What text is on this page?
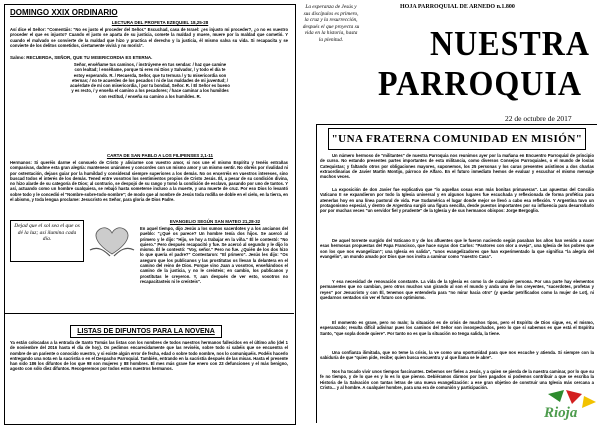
DOMINGO XXIX ORDINARIO
LECTURA DEL PROFETA EZEQUIEL 18,25-28
Así dice el Señor: "Comentáis: "No es justo el proceder del Señor." Escuchad, casa de Israel: ¿es injusto mi proceder?, ¿o no es vuestro proceder el que es injusto? Cuando el justo se aparta de su justicia, comete la maldad y muere, muere por la maldad que cometió. Y cuando el malvado se convierte de la maldad que hizo y practica el derecho y la justicia, él mismo salva su vida. Si recapacita y se convierte de los delitos cometidos, ciertamente vivirá y no morirá".
Salmo: RECUERDA, SEÑOR, QUE TU MISERICORDIA ES ETERNA.
Señor, enséñame tus caminos, / instrúyeme en tus sendas: / haz que camine con lealtad; / enséñame, porque tú eres mi Dios y Salvador, / y todo el día te estoy esperando. R. / Recuerda, Señor, que tu ternura / y tu misericordia son eternas; / no te acuerdes de los pecados / ni de las maldades de mi juventud; / acuérdate de mí con misericordia, / por tu bondad, Señor. R. / El Señor es bueno y es recto, / y enseña el camino a los pecadores; / hace caminar a los humildes con rectitud, / enseña su camino a los humildes. R.
CARTA DE SAN PABLO A LOS FILIPENSES 2,1-11
Hermanos: Si queréis darme el consuelo de Cristo y aliviarme con vuestro amor, si nos une el mismo Espíritu y tenéis entrañas compasivas, dadme esta gran alegría: manteneos unánimes y concordes con un mismo amor y un mismo sentir. No obréis por rivalidad ni por ostentación, dejaos guiar por la humildad y considerad siempre superiores a los demás. No os encerréis en vuestros intereses, sino buscad todos el interés de los demás. Tened entre vosotros los sentimientos propios de Cristo Jesús. Él, a pesar de su condición divina, no hizo alarde de su categoría de Dios; al contrario, se despojó de su rango y tomó la condición de esclavo, pasando por uno de tantos. Y así, actuando como un hombre cualquiera, se rebajó hasta someterse incluso a la muerte, y una muerte de cruz. Por eso Dios lo levantó sobre todo y le concedió el "Nombre-sobre-todo-nombre"; de modo que al nombre de Jesús toda rodilla se doble en el cielo, en la tierra, en el abismo, y toda lengua proclame: Jesucristo es Señor, para gloria de Dios Padre.
Dejad que el sol sea el que os dé la luz; así ilumina cada día.
EVANGELIO SEGÚN SAN MATEO 21,28-32
En aquel tiempo, dijo Jesús a los sumos sacerdotes y a los ancianos del pueblo: "¿Qué os parece? Un hombre tenía dos hijos. Se acercó al primero y le dijo: "Hijo, ve hoy a trabajar en la viña." Él le contestó: "No quiero." Pero después recapacitó y fue. Se acercó al segundo y le dijo lo mismo. Él le contestó: "Voy, señor." Pero no fue. ¿Quién de los dos hizo lo que quería el padre?" Contestaron: "El primero". Jesús les dijo: "Os aseguro que los publicanos y las prostitutas os llevan la delantera en el camino del reino de Dios. Porque vino Juan a vosotros, enseñándoos el camino de la justicia, y no le creísteis; en cambio, los publicanos y prostitutas le creyeron. Y, aun después de ver esto, vosotros no recapacitasteis ni le creísteis".
LISTAS DE DIFUNTOS PARA LA NOVENA
Ya están colocadas a la entrada de Santo Tomás las listas con los nombres de todos nuestros hermanos fallecidos en el último año (del 1 de noviembre del 2016 hasta el día de hoy). Os pedimos encarecidamente que las reviséis, sobre todo si sabéis que se encuentra el nombre de un pariente o conocido vuestro, y si existe algún error de fecha, edad o sobre todo nombre, nos lo comuniquéis. Podéis hacerlo entregando una nota en la sacristía o en el Despacho Parroquial. También, entrando en la sacristía después de las misas. Hasta el presente han sido 186 los difuntos de los que 98 son mujeres y 88 hombres. El mes más grave fue enero con 23 defunciones y el más benigno, agosto con sólo diez difuntos. Recogeremos por todos estos nuestros hermanos.
La esperanza de Jesús y sus discípulos es primero, la cruz y la resurrección, después el que proyecta su vida en la historia, hasta la plenitud.
HOJA PARROQUIAL DE ARNEDO n.1.800
NUESTRA
PARROQUIA
22 de octubre de 2017
"UNA FRATERNA COMUNIDAD EN MISIÓN"
Un número hermoso de "militantes" de nuestra Parroquia nos reunimos ayer por la mañana en Encuentro Parroquial de principio de curso. No estando presentes partes importantes de esta militancia, como diversos Consejos Parroquiales, o el mundo de los/as Catequistas; y faltando otros por obligaciones mayores, suponemos, los 25 personas y los curas presentes asistimos a dos charlas extraordinarias de Javier Martín Montijo, párroco de Alfaro. En el futuro inmediato hemos de evaluar y escuchar el mismo mensaje muchos veces.
La exposición de don Javier fue explicativa que "lo aquellas cosas eran más bonitas primaveras". Las apuestas del Concilio Vaticano II se expandieron por todo la Iglesia universal y en algunos lugares fue escuchada y reflexionada de forma profética para atenerlas hoy en una línea pastoral de vida. Fue Sudamérica el lugar donde mejor se llevó a cabo esa reflexión. Y Argentina tuvo un protagonismo especial, y dentro de Argentina surgió una figura sencilla, desde puestos importantes por su influencia para desarrollarlo por por muchas veces "un servidor fiel y prudente" de la Iglesia y de sus hermanos obispos: Jorge Bergoglio.
De aquel torrente surgido del Vaticano II y de los afluentes que le fueron naciendo según pasaban los años han venido a nacer esas hermosas propuestas del Papa Francisco, que hace suyas don Carlos: "Pastores con olor a oveja", una Iglesia de los pobres que son los que nos evangelizan"; una Iglesia en salida", "unos evangelizadores que han experimentado la que significa "la alegría del evangelio", un mundo amado por Dios que nos invita a caminar como "nuestro Casa".
Y esa necesidad de renovación constante. La vida de la Iglesia es como la de cualquier persona. Por una parte hay elementos permanentes que no cambian, pero otros muchos van girando al son el mundo y anda uno de los creyentes, "sacerdotes, profetas y reyes" por Jesucristo y con Él, tenemos que entenderla para "no mirar hacia otro" (y quedar petrificados como la mujer de Lot), ni quedarnos sentados sin ver el futuro con optimismo.
El momento es grave, pero no malo; la situación es de crisis de muchos tipos, pero el Espíritu de Dios sigue, es, el mismo, esperanzado; resulta difícil adivinar pues los caminos del Señor son insospechados, pero lo que sí sabemos es que está el Espíritu Santo, "que sopla donde quiere". Por tanto no es que la situación no tenga salida, la tiene.
Una confianza ilimitada, que no teme la crisis, la ve como una oportunidad para que nos escuche y atienda. Si siempre con la sabiduría de que "quien pide, recibe; quien busca encuentra y al que llama se le abre".
Nos ha tocado vivir unos tiempos fascinantes. Debemos ser fieles a Jesús, y a quien se pierda de la nuestra caminar, por lo que su fe no tiempo, y de lo que es y lo es lo que pienso. Debiéramos dármos por bien pagados si podemos contribuir a que se escriba la Historia de la Salvación con tantas letras de una nueva evangelización: a ese gran objetivo de construir una Iglesia más cercana a Cristo... y al hombre. A cualquier hombre, para una era de comunión y participación.
Rioja
